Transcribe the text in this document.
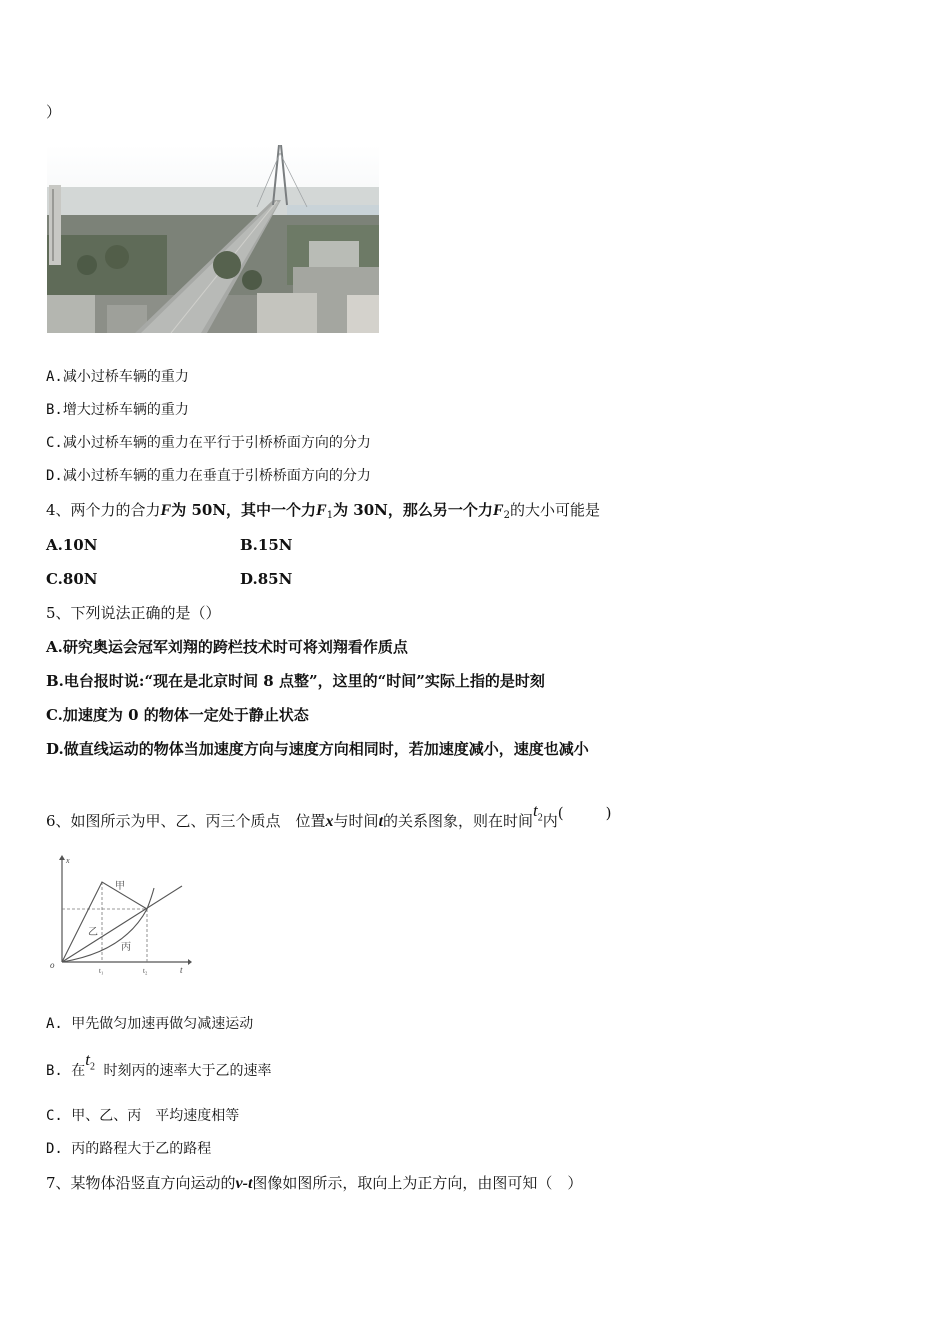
）
A.减小过桥车辆的重力
B.增大过桥车辆的重力
C.减小过桥车辆的重力在平行于引桥桥面方向的分力
D.减小过桥车辆的重力在垂直于引桥桥面方向的分力
4、两个力的合力F为 50N，其中一个力$F_1$为 30N，那么另一个力$F_2$的大小可能是
A.10N	B.15N
C.80N	D.85N
5、下列说法正确的是（）
A.研究奥运会冠军刘翔的跨栏技术时可将刘翔看作质点
B.电台报时说:“现在是北京时间 8 点整”，这里的“时间”实际上指的是时刻
C.加速度为 0 的物体一定处于静止状态
D.做直线运动的物体当加速度方向与速度方向相同时，若加速度减小，速度也减小
6、如图所示为甲、乙、丙三个质点　位置x与时间t的关系图象，则在时间$t_2$内(	)
x
o	t
t₁	t₂
甲
乙
丙
A. 甲先做匀加速再做匀减速运动
B. 在$t_2$ 时刻丙的速率大于乙的速率
C. 甲、乙、丙　平均速度相等
D. 丙的路程大于乙的路程
7、某物体沿竖直方向运动的v-t图像如图所示，取向上为正方向，由图可知（　）
